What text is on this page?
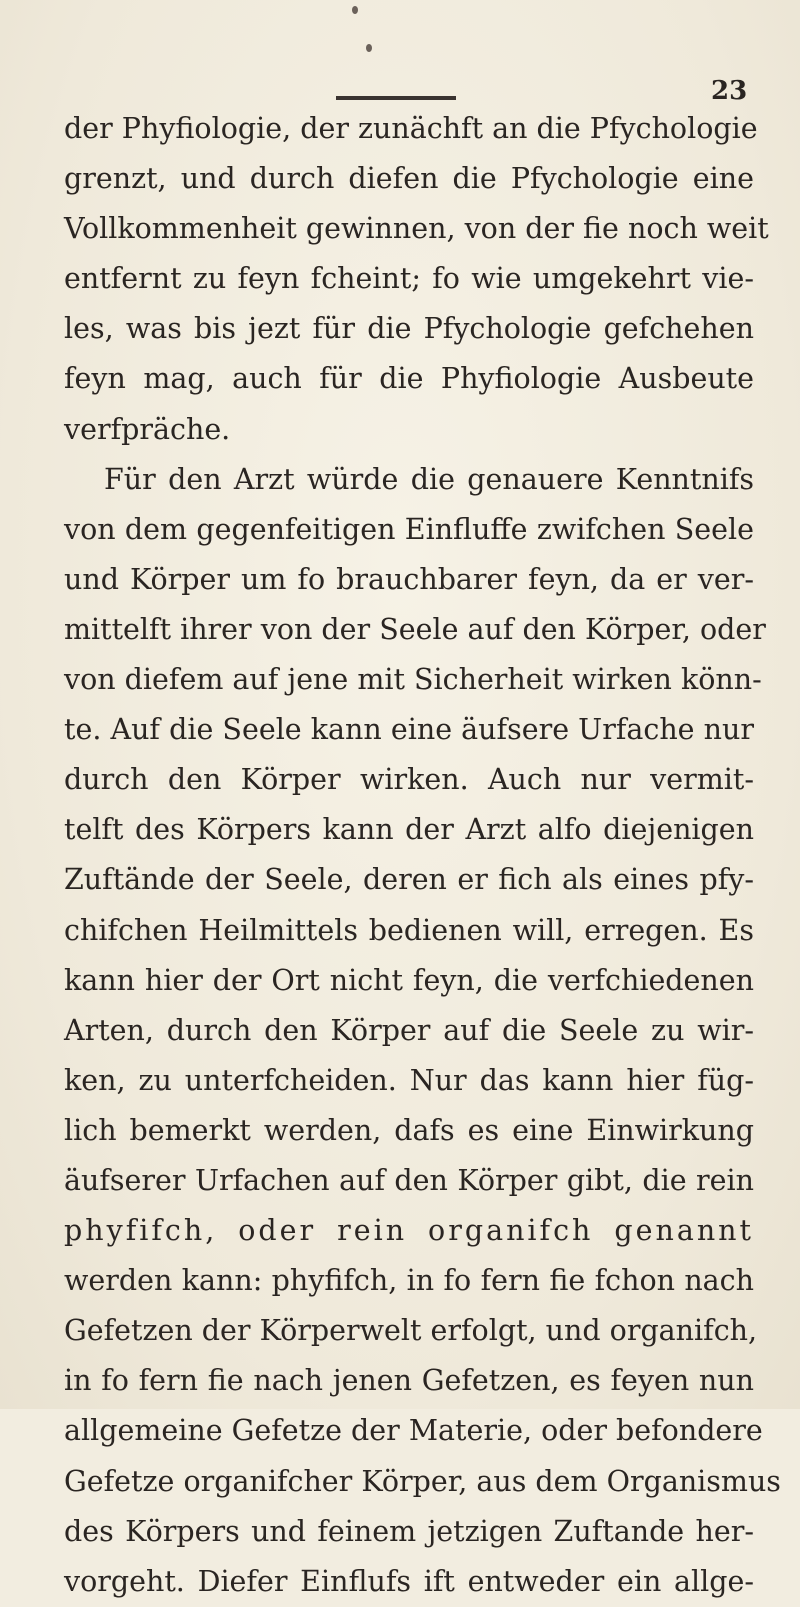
23
der Phyfiologie, der zunächft an die Pfychologie
grenzt, und durch diefen die Pfychologie eine
Vollkommenheit gewinnen, von der fie noch weit
entfernt zu feyn fcheint; fo wie umgekehrt vie-
les, was bis jezt für die Pfychologie gefchehen
feyn mag, auch für die Phyfiologie Ausbeute
verfpräche.
Für den Arzt würde die genauere Kenntnifs
von dem gegenfeitigen Einfluffe zwifchen Seele
und Körper um fo brauchbarer feyn, da er ver-
mittelft ihrer von der Seele auf den Körper, oder
von diefem auf jene mit Sicherheit wirken könn-
te. Auf die Seele kann eine äufsere Urfache nur
durch den Körper wirken. Auch nur vermit-
telft des Körpers kann der Arzt alfo diejenigen
Zuftände der Seele, deren er fich als eines pfy-
chifchen Heilmittels bedienen will, erregen. Es
kann hier der Ort nicht feyn, die verfchiedenen
Arten, durch den Körper auf die Seele zu wir-
ken, zu unterfcheiden. Nur das kann hier füg-
lich bemerkt werden, dafs es eine Einwirkung
äufserer Urfachen auf den Körper gibt, die rein
phyfifch, oder rein organifch genannt
werden kann: phyfifch, in fo fern fie fchon nach
Gefetzen der Körperwelt erfolgt, und organifch,
in fo fern fie nach jenen Gefetzen, es feyen nun
allgemeine Gefetze der Materie, oder befondere
Gefetze organifcher Körper, aus dem Organismus
des Körpers und feinem jetzigen Zuftande her-
vorgeht. Diefer Einflufs ift entweder ein allge-
